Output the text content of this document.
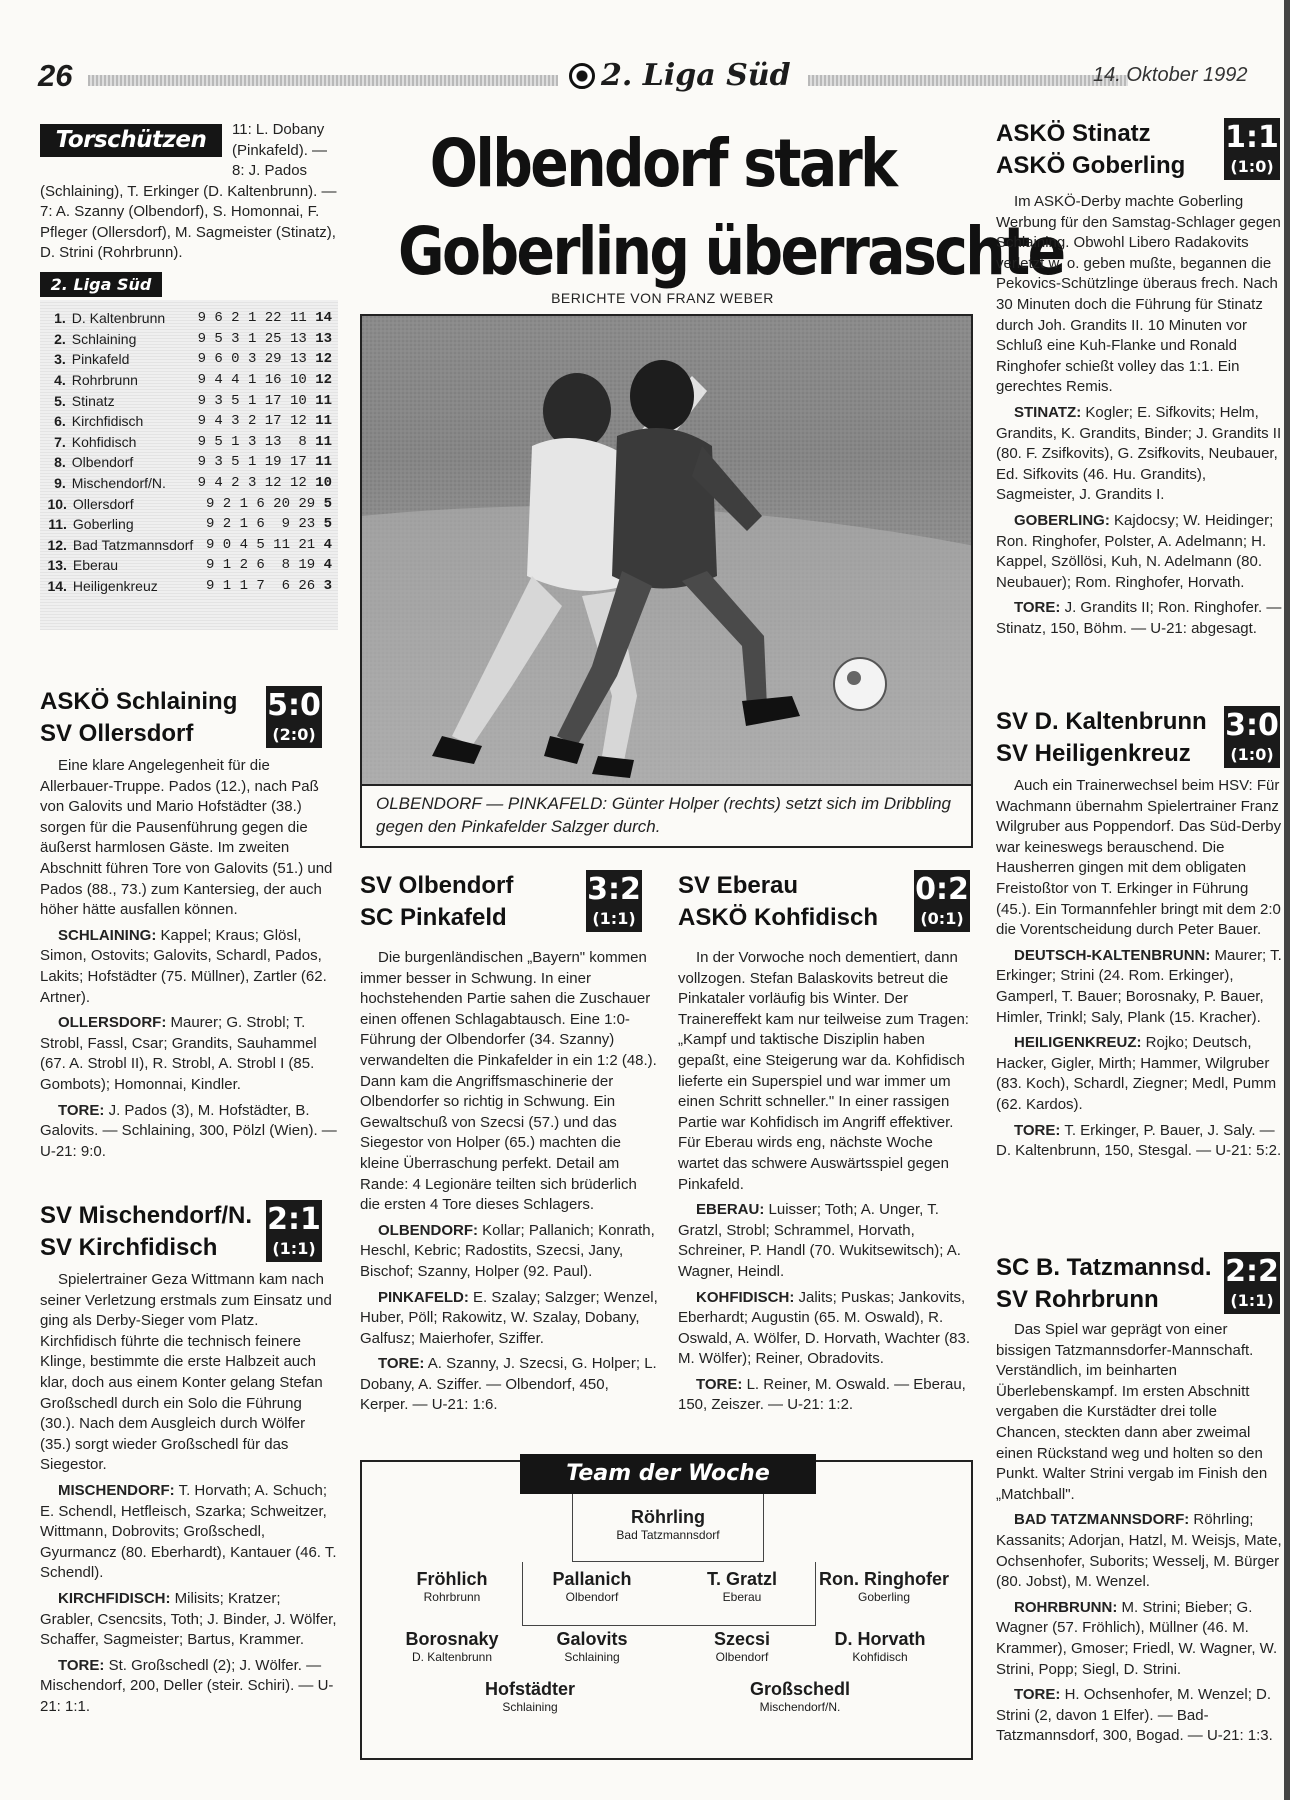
26	2. Liga Süd	14. Oktober 1992
Torschützen	11: L. Dobany (Pinkafeld). — 8: J. Pados (Schlaining), T. Erkinger (D. Kaltenbrunn). — 7: A. Szanny (Olbendorf), S. Homonnai, F. Pfleger (Ollersdorf), M. Sagmeister (Stinatz), D. Strini (Rohrbrunn).
2. Liga Süd
1. D. Kaltenbrunn	9 6 2 1 22 11 14
2. Schlaining	9 5 3 1 25 13 13
3. Pinkafeld	9 6 0 3 29 13 12
4. Rohrbrunn	9 4 4 1 16 10 12
5. Stinatz	9 3 5 1 17 10 11
6. Kirchfidisch	9 4 3 2 17 12 11
7. Kohfidisch	9 5 1 3 13  8 11
8. Olbendorf	9 3 5 1 19 17 11
9. Mischendorf/N.	9 4 2 3 12 12 10
10. Ollersdorf	9 2 1 6 20 29 5
11. Goberling	9 2 1 6  9 23 5
12. Bad Tatzmannsdorf 9 0 4 5 11 21 4
13. Eberau	9 1 2 6  8 19 4
14. Heiligenkreuz	9 1 1 7  6 26 3
ASKÖ Schlaining
SV Ollersdorf
5:0
(2:0)

Eine klare Angelegenheit für die Allerbauer-Truppe. Pados (12.), nach Paß von Galovits und Mario Hofstädter (38.) sorgen für die Pausenführung gegen die äußerst harmlosen Gäste. Im zweiten Abschnitt führen Tore von Galovits (51.) und Pados (88., 73.) zum Kantersieg, der auch höher hätte ausfallen können.

SCHLAINING: Kappel; Kraus; Glösl, Simon, Ostovits; Galovits, Schardl, Pados, Lakits; Hofstädter (75. Müllner), Zartler (62. Artner).

OLLERSDORF: Maurer; G. Strobl; T. Strobl, Fassl, Csar; Grandits, Sauhammel (67. A. Strobl II), R. Strobl, A. Strobl I (85. Gombots); Homonnai, Kindler.

TORE: J. Pados (3), M. Hofstädter, B. Galovits. — Schlaining, 300, Pölzl (Wien). — U-21: 9:0.

SV Mischendorf/N.
SV Kirchfidisch
2:1
(1:1)

Spielertrainer Geza Wittmann kam nach seiner Verletzung erstmals zum Einsatz und ging als Derby-Sieger vom Platz. Kirchfidisch führte die technisch feinere Klinge, bestimmte die erste Halbzeit auch klar, doch aus einem Konter gelang Stefan Großschedl durch ein Solo die Führung (30.). Nach dem Ausgleich durch Wölfer (35.) sorgt wieder Großschedl für das Siegestor.

MISCHENDORF: T. Horvath; A. Schuch; E. Schendl, Hetfleisch, Szarka; Schweitzer, Wittmann, Dobrovits; Großschedl, Gyurmancz (80. Eberhardt), Kantauer (46. T. Schendl).

KIRCHFIDISCH: Milisits; Kratzer; Grabler, Csencsits, Toth; J. Binder, J. Wölfer, Schaffer, Sagmeister; Bartus, Krammer.

TORE: St. Großschedl (2); J. Wölfer. — Mischendorf, 200, Deller (steir. Schiri). — U-21: 1:1.

Olbendorf stark
Goberling überraschte
BERICHTE VON FRANZ WEBER
OLBENDORF — PINKAFELD: Günter Holper (rechts) setzt sich im Dribbling gegen den Pinkafelder Salzger durch.
SV Olbendorf
SC Pinkafeld
3:2
(1:1)

Die burgenländischen „Bayern" kommen immer besser in Schwung. In einer hochstehenden Partie sahen die Zuschauer einen offenen Schlagabtausch. Eine 1:0-Führung der Olbendorfer (34. Szanny) verwandelten die Pinkafelder in ein 1:2 (48.). Dann kam die Angriffsmaschinerie der Olbendorfer so richtig in Schwung. Ein Gewaltschuß von Szecsi (57.) und das Siegestor von Holper (65.) machten die kleine Überraschung perfekt. Detail am Rande: 4 Legionäre teilten sich brüderlich die ersten 4 Tore dieses Schlagers.

OLBENDORF: Kollar; Pallanich; Konrath, Heschl, Kebric; Radostits, Szecsi, Jany, Bischof; Szanny, Holper (92. Paul).

PINKAFELD: E. Szalay; Salzger; Wenzel, Huber, Pöll; Rakowitz, W. Szalay, Dobany, Galfusz; Maierhofer, Sziffer.

TORE: A. Szanny, J. Szecsi, G. Holper; L. Dobany, A. Sziffer. — Olbendorf, 450, Kerper. — U-21: 1:6.

SV Eberau
ASKÖ Kohfidisch
0:2
(0:1)

In der Vorwoche noch dementiert, dann vollzogen. Stefan Balaskovits betreut die Pinkataler vorläufig bis Winter. Der Trainereffekt kam nur teilweise zum Tragen: „Kampf und taktische Disziplin haben gepaßt, eine Steigerung war da. Kohfidisch lieferte ein Superspiel und war immer um einen Schritt schneller." In einer rassigen Partie war Kohfidisch im Angriff effektiver. Für Eberau wirds eng, nächste Woche wartet das schwere Auswärtsspiel gegen Pinkafeld.

EBERAU: Luisser; Toth; A. Unger, T. Gratzl, Strobl; Schrammel, Horvath, Schreiner, P. Handl (70. Wukitsewitsch); A. Wagner, Heindl.

KOHFIDISCH: Jalits; Puskas; Jankovits, Eberhardt; Augustin (65. M. Oswald), R. Oswald, A. Wölfer, D. Horvath, Wachter (83. M. Wölfer); Reiner, Obradovits.

TORE: L. Reiner, M. Oswald. — Eberau, 150, Zeiszer. — U-21: 1:2.

Team der Woche
Röhrling
Bad Tatzmannsdorf
Fröhlich
Rohrbrunn
Pallanich
Olbendorf
T. Gratzl
Eberau
Ron. Ringhofer
Goberling
Borosnaky
D. Kaltenbrunn
Galovits
Schlaining
Szecsi
Olbendorf
D. Horvath
Kohfidisch
Hofstädter
Schlaining
Großschedl
Mischendorf/N.
ASKÖ Stinatz
ASKÖ Goberling
1:1
(1:0)

Im ASKÖ-Derby machte Goberling Werbung für den Samstag-Schlager gegen Schlaining. Obwohl Libero Radakovits verletzt w. o. geben mußte, begannen die Pekovics-Schützlinge überaus frech. Nach 30 Minuten doch die Führung für Stinatz durch Joh. Grandits II. 10 Minuten vor Schluß eine Kuh-Flanke und Ronald Ringhofer schießt volley das 1:1. Ein gerechtes Remis.

STINATZ: Kogler; E. Sifkovits; Helm, Grandits, K. Grandits, Binder; J. Grandits II (80. F. Zsifkovits), G. Zsifkovits, Neubauer, Ed. Sifkovits (46. Hu. Grandits), Sagmeister, J. Grandits I.

GOBERLING: Kajdocsy; W. Heidinger; Ron. Ringhofer, Polster, A. Adelmann; H. Kappel, Szöllösi, Kuh, N. Adelmann (80. Neubauer); Rom. Ringhofer, Horvath.

TORE: J. Grandits II; Ron. Ringhofer. — Stinatz, 150, Böhm. — U-21: abgesagt.

SV D. Kaltenbrunn
SV Heiligenkreuz
3:0
(1:0)

Auch ein Trainerwechsel beim HSV: Für Wachmann übernahm Spielertrainer Franz Wilgruber aus Poppendorf. Das Süd-Derby war keineswegs berauschend. Die Hausherren gingen mit dem obligaten Freistoßtor von T. Erkinger in Führung (45.). Ein Tormannfehler bringt mit dem 2:0 die Vorentscheidung durch Peter Bauer.

DEUTSCH-KALTENBRUNN: Maurer; T. Erkinger; Strini (24. Rom. Erkinger), Gamperl, T. Bauer; Borosnaky, P. Bauer, Himler, Trinkl; Saly, Plank (15. Kracher).

HEILIGENKREUZ: Rojko; Deutsch, Hacker, Gigler, Mirth; Hammer, Wilgruber (83. Koch), Schardl, Ziegner; Medl, Pumm (62. Kardos).

TORE: T. Erkinger, P. Bauer, J. Saly. — D. Kaltenbrunn, 150, Stesgal. — U-21: 5:2.

SC B. Tatzmannsd.
SV Rohrbrunn
2:2
(1:1)

Das Spiel war geprägt von einer bissigen Tatzmannsdorfer-Mannschaft. Verständlich, im beinharten Überlebenskampf. Im ersten Abschnitt vergaben die Kurstädter drei tolle Chancen, steckten dann aber zweimal einen Rückstand weg und holten so den Punkt. Walter Strini vergab im Finish den „Matchball".

BAD TATZMANNSDORF: Röhrling; Kassanits; Adorjan, Hatzl, M. Weisjs, Mate, Ochsenhofer, Suborits; Wesselj, M. Bürger (80. Jobst), M. Wenzel.

ROHRBRUNN: M. Strini; Bieber; G. Wagner (57. Fröhlich), Müllner (46. M. Krammer), Gmoser; Friedl, W. Wagner, W. Strini, Popp; Siegl, D. Strini.

TORE: H. Ochsenhofer, M. Wenzel; D. Strini (2, davon 1 Elfer). — Bad-Tatzmannsdorf, 300, Bogad. — U-21: 1:3.
